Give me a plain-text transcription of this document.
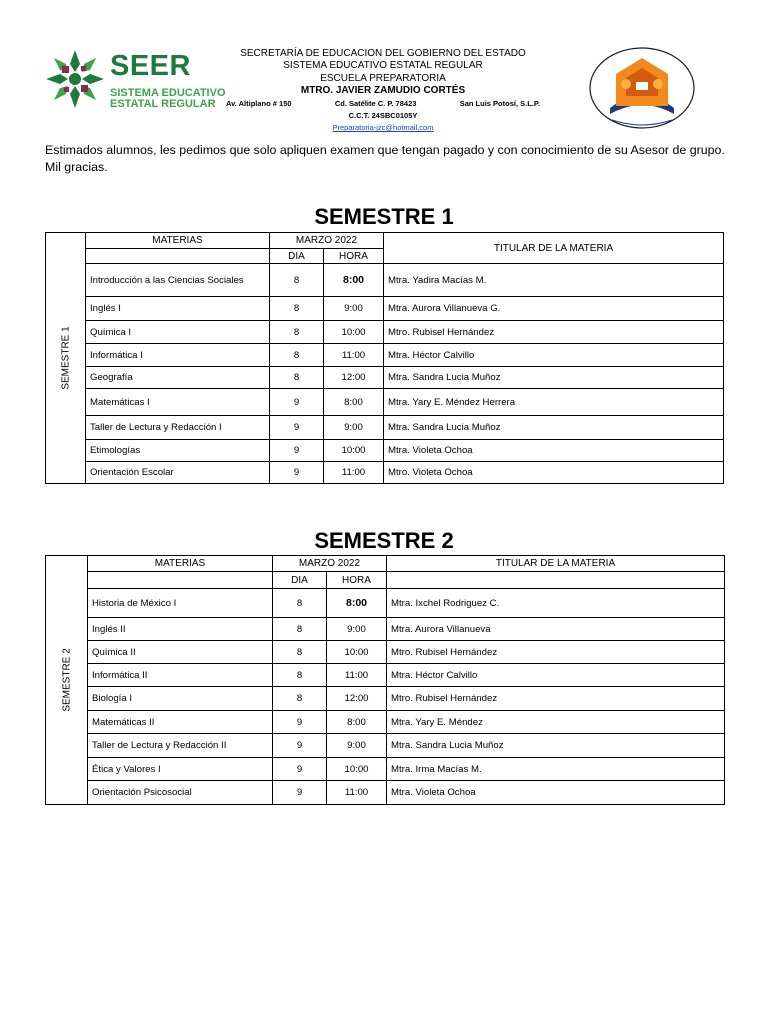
SEER
SISTEMA EDUCATIVO
ESTATAL REGULAR
SECRETARÍA DE EDUCACION DEL GOBIERNO DEL ESTADO
SISTEMA EDUCATIVO ESTATAL REGULAR
ESCUELA PREPARATORIA
MTRO. JAVIER ZAMUDIO CORTÉS
Av. Altiplano # 150	Cd. Satélite C. P. 78423	San Luis Potosí, S.L.P.
C.C.T. 24SBC0105Y
Preparatoria-jzc@hotmail.com
Estimados alumnos, les pedimos que solo apliquen examen que tengan pagado y con conocimiento de su Asesor de grupo. Mil gracias.
SEMESTRE 1
SEMESTRE 1	MATERIAS	MARZO 2022		TITULAR DE LA MATERIA
		DIA	HORA	
	Introducción a las Ciencias Sociales	8	8:00	Mtra. Yadira Macías M.
	Inglés I	8	9:00	Mtra. Aurora Villanueva G.
	Química I	8	10:00	Mtro. Rubisel Hernández
	Informática I	8	11:00	Mtra. Héctor Calvillo
	Geografía	8	12:00	Mtra. Sandra Lucia Muñoz
	Matemáticas I	9	8:00	Mtra. Yary E. Méndez Herrera
	Taller de Lectura y Redacción I	9	9:00	Mtra. Sandra Lucia Muñoz
	Etimologías	9	10:00	Mtra. Violeta Ochoa
	Orientación Escolar	9	11:00	Mtro. Violeta Ochoa
SEMESTRE 2
SEMESTRE 2	MATERIAS	MARZO 2022		TITULAR DE LA MATERIA
		DIA	HORA	
	Historia de México I	8	8:00	Mtra. Ixchel Rodriguez C.
	Inglés II	8	9:00	Mtra. Aurora Villanueva
	Química II	8	10:00	Mtro. Rubisel Hernández
	Informática II	8	11:00	Mtra. Héctor Calvillo
	Biología I	8	12:00	Mtro. Rubisel Hernández
	Matemáticas II	9	8:00	Mtra. Yary E. Méndez
	Taller de Lectura y Redacción II	9	9:00	Mtra. Sandra Lucia Muñoz
	Ética y Valores I	9	10:00	Mtra. Irma Macías M.
	Orientación Psicosocial	9	11:00	Mtra. Violeta Ochoa
